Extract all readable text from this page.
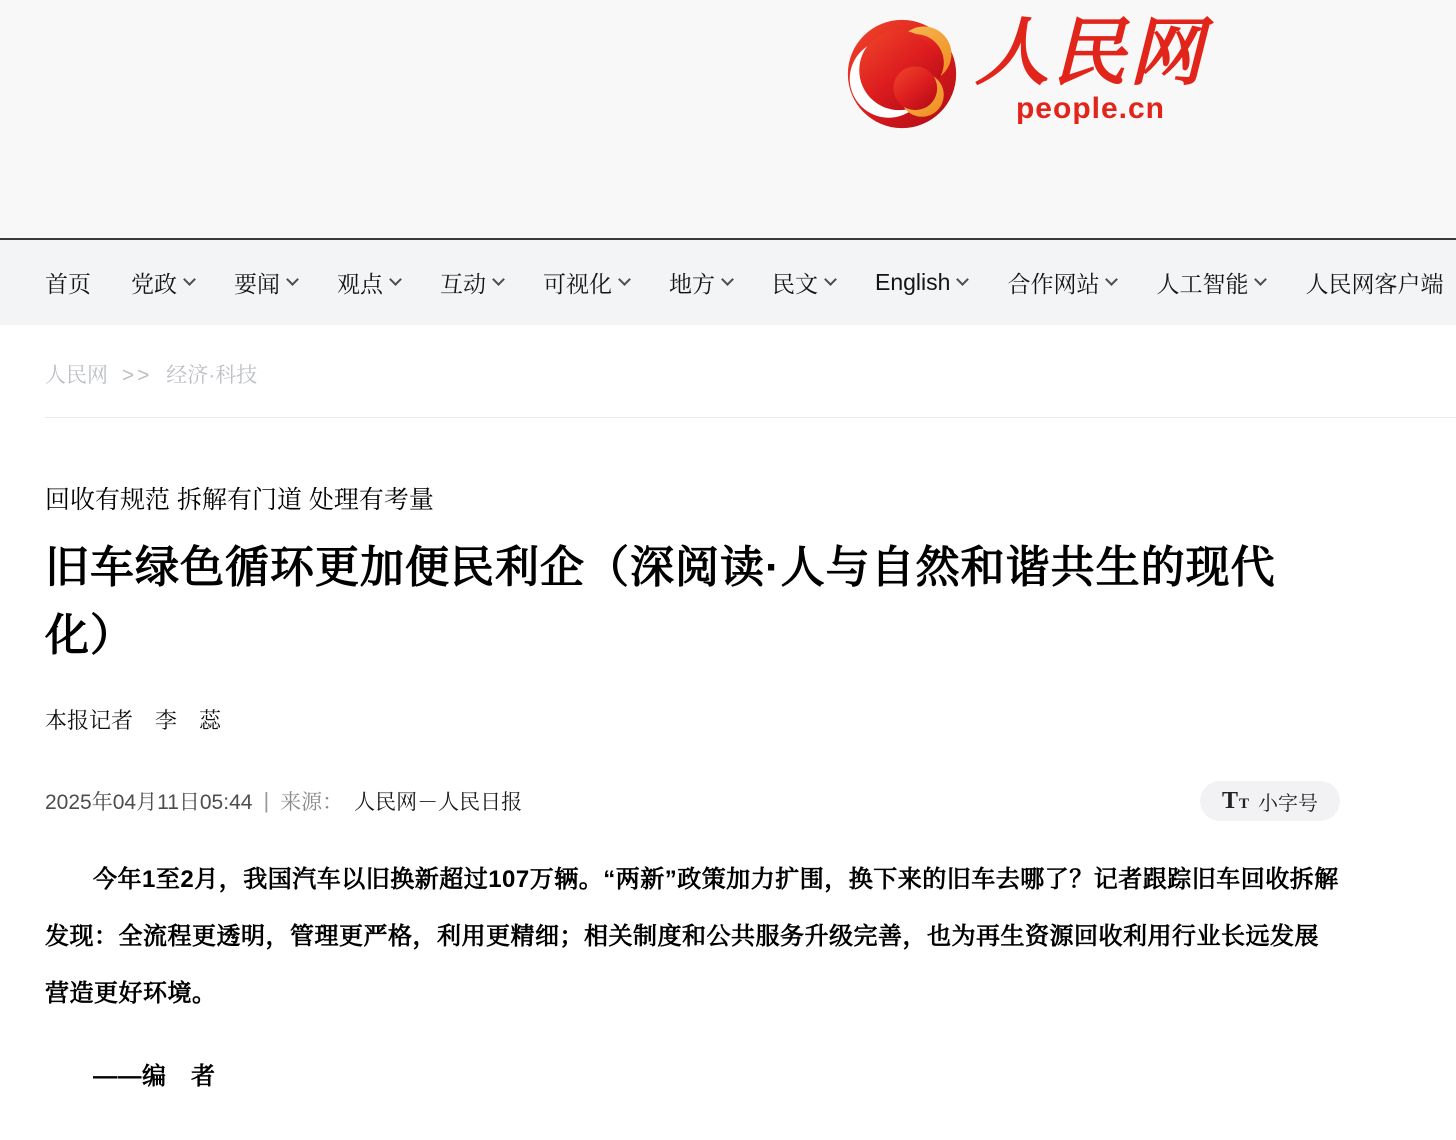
人民网
people.cn
首页 党政 要闻 观点 互动 可视化 地方 民文 English 合作网站 人工智能 人民网客户端
人民网 >> 经济·科技

回收有规范 拆解有门道 处理有考量

旧车绿色循环更加便民利企（深阅读·人与自然和谐共生的现代化）

本报记者　李　蕊

2025年04月11日05:44 | 来源： 人民网－人民日报	T T 小字号

今年1至2月，我国汽车以旧换新超过107万辆。“两新”政策加力扩围，换下来的旧车去哪了？记者跟踪旧车回收拆解发现：全流程更透明，管理更严格，利用更精细；相关制度和公共服务升级完善，也为再生资源回收利用行业长远发展营造更好环境。

——编　者
